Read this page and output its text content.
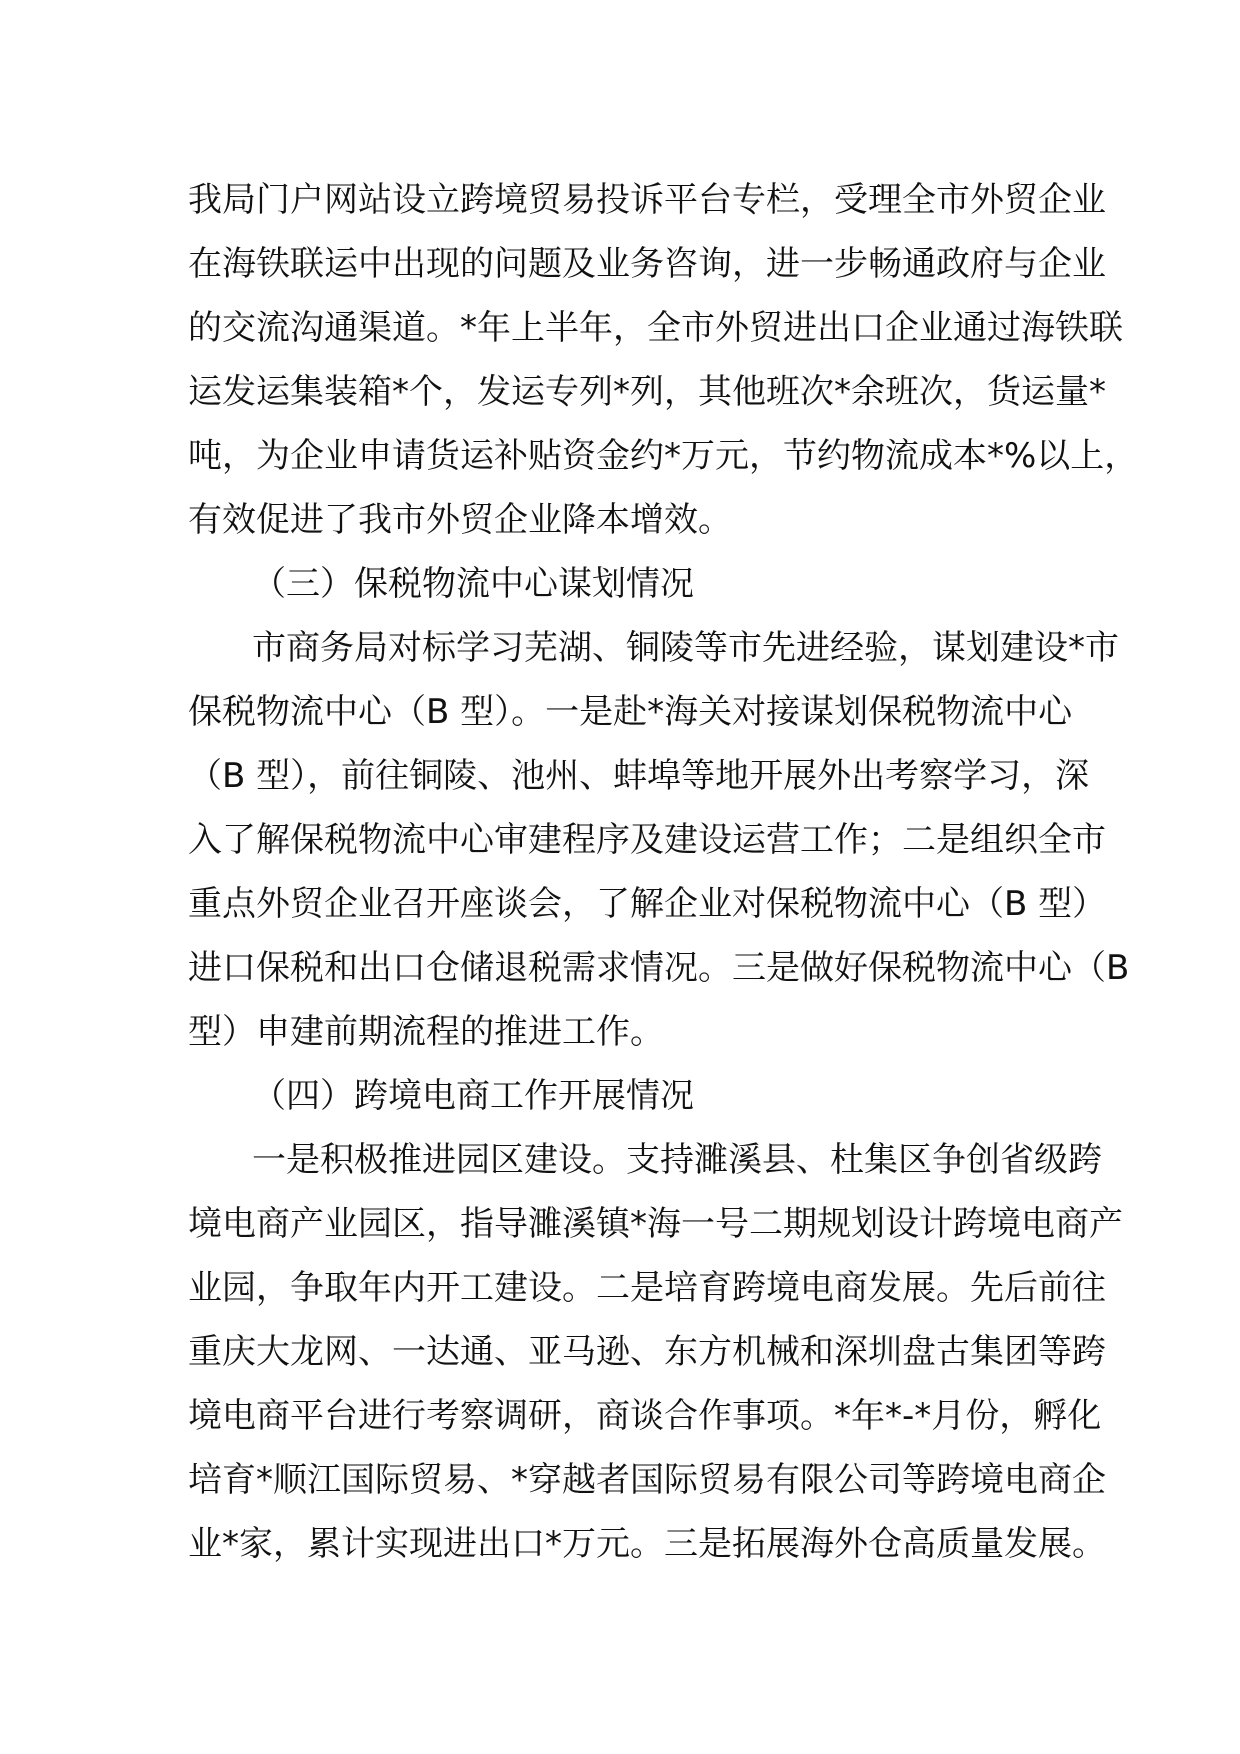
我局门户网站设立跨境贸易投诉平台专栏，受理全市外贸企业
在海铁联运中出现的问题及业务咨询，进一步畅通政府与企业
的交流沟通渠道。*年上半年，全市外贸进出口企业通过海铁联
运发运集装箱*个，发运专列*列，其他班次*余班次，货运量*
吨，为企业申请货运补贴资金约*万元，节约物流成本*%以上，
有效促进了我市外贸企业降本增效。
（三）保税物流中心谋划情况
市商务局对标学习芜湖、铜陵等市先进经验，谋划建设*市
保税物流中心（B 型）。一是赴*海关对接谋划保税物流中心
（B 型），前往铜陵、池州、蚌埠等地开展外出考察学习，深
入了解保税物流中心审建程序及建设运营工作；二是组织全市
重点外贸企业召开座谈会，了解企业对保税物流中心（B 型）
进口保税和出口仓储退税需求情况。三是做好保税物流中心（B
型）申建前期流程的推进工作。
（四）跨境电商工作开展情况
一是积极推进园区建设。支持濉溪县、杜集区争创省级跨
境电商产业园区，指导濉溪镇*海一号二期规划设计跨境电商产
业园，争取年内开工建设。二是培育跨境电商发展。先后前往
重庆大龙网、一达通、亚马逊、东方机械和深圳盘古集团等跨
境电商平台进行考察调研，商谈合作事项。*年*-*月份，孵化
培育*顺江国际贸易、*穿越者国际贸易有限公司等跨境电商企
业*家，累计实现进出口*万元。三是拓展海外仓高质量发展。
